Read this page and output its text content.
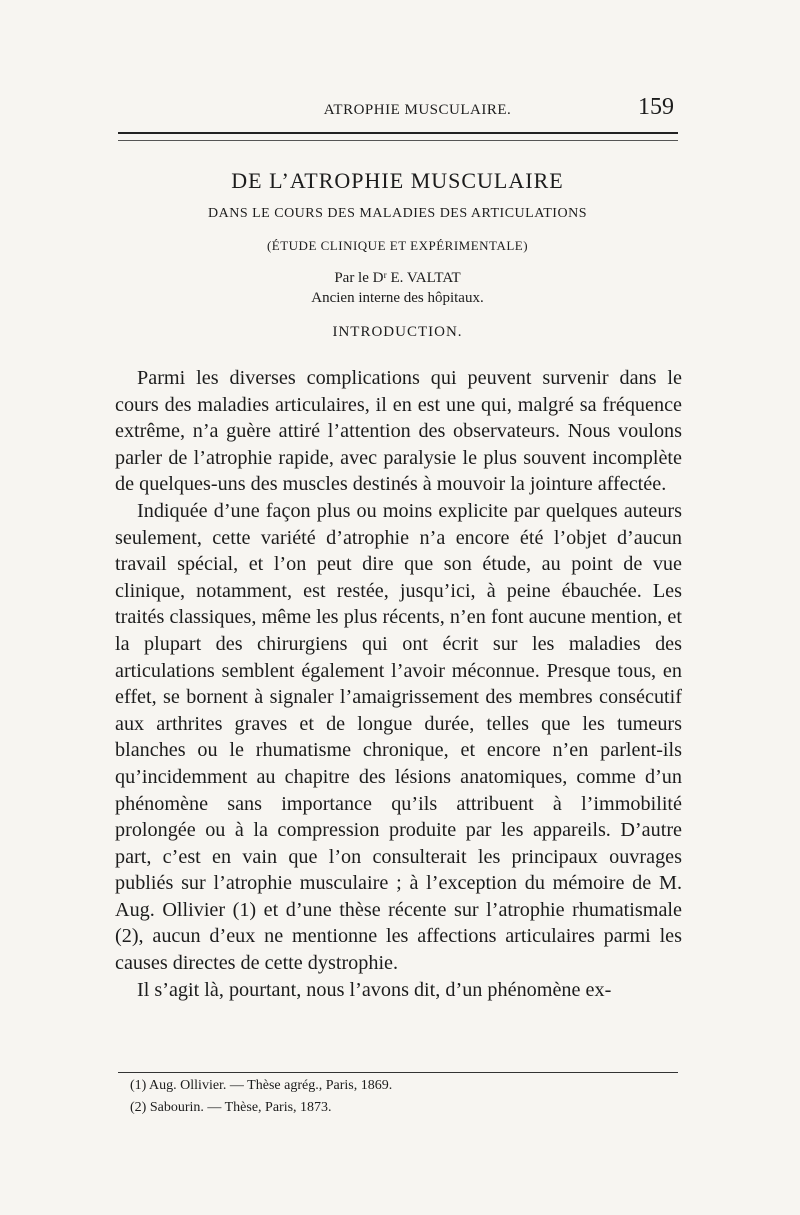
ATROPHIE MUSCULAIRE.	159
DE L’ATROPHIE MUSCULAIRE
DANS LE COURS DES MALADIES DES ARTICULATIONS
(ÉTUDE CLINIQUE ET EXPÉRIMENTALE)
Par le Dʳ E. VALTAT
Ancien interne des hôpitaux.
INTRODUCTION.

Parmi les diverses complications qui peuvent survenir dans le cours des maladies articulaires, il en est une qui, malgré sa fréquence extrême, n’a guère attiré l’attention des observateurs. Nous voulons parler de l’atrophie rapide, avec paralysie le plus souvent incomplète de quelques-uns des muscles destinés à mouvoir la jointure affectée.

Indiquée d’une façon plus ou moins explicite par quelques auteurs seulement, cette variété d’atrophie n’a encore été l’objet d’aucun travail spécial, et l’on peut dire que son étude, au point de vue clinique, notamment, est restée, jusqu’ici, à peine ébauchée. Les traités classiques, même les plus récents, n’en font aucune mention, et la plupart des chirurgiens qui ont écrit sur les maladies des articulations semblent également l’avoir méconnue. Presque tous, en effet, se bornent à signaler l’amaigrissement des membres consécutif aux arthrites graves et de longue durée, telles que les tumeurs blanches ou le rhumatisme chronique, et encore n’en parlent-ils qu’incidemment au chapitre des lésions anatomiques, comme d’un phénomène sans importance qu’ils attribuent à l’immobilité prolongée ou à la compression produite par les appareils. D’autre part, c’est en vain que l’on consulterait les principaux ouvrages publiés sur l’atrophie musculaire ; à l’exception du mémoire de M. Aug. Ollivier (1) et d’une thèse récente sur l’atrophie rhumatismale (2), aucun d’eux ne mentionne les affections articulaires parmi les causes directes de cette dystrophie.

Il s’agit là, pourtant, nous l’avons dit, d’un phénomène ex-

(1) Aug. Ollivier. — Thèse agrég., Paris, 1869.
(2) Sabourin. — Thèse, Paris, 1873.
